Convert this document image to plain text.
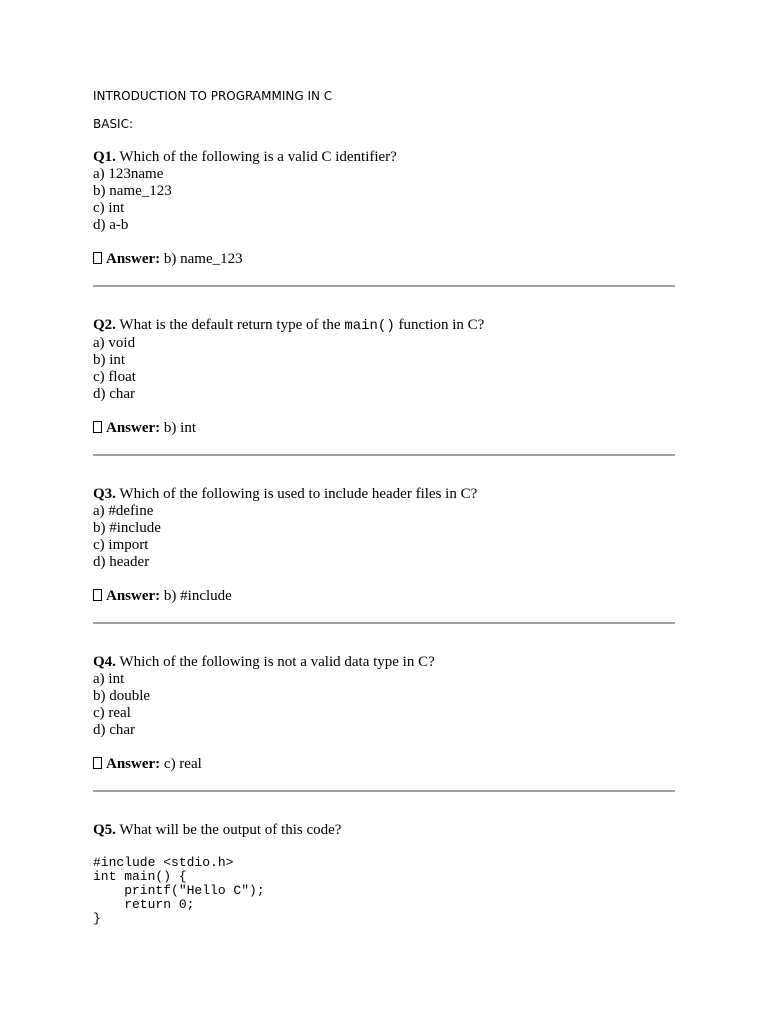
INTRODUCTION TO PROGRAMMING IN C

BASIC:

Q1. Which of the following is a valid C identifier?

a) 123name

b) name_123

c) int

d) a-b

Answer: b) name_123

Q2. What is the default return type of the main() function in C?

a) void

b) int

c) float

d) char

Answer: b) int

Q3. Which of the following is used to include header files in C?

a) #define

b) #include

c) import

d) header

Answer: b) #include

Q4. Which of the following is not a valid data type in C?

a) int

b) double

c) real

d) char

Answer: c) real

Q5. What will be the output of this code?

#include <stdio.h>
int main() {
printf("Hello C");
return 0;
}
